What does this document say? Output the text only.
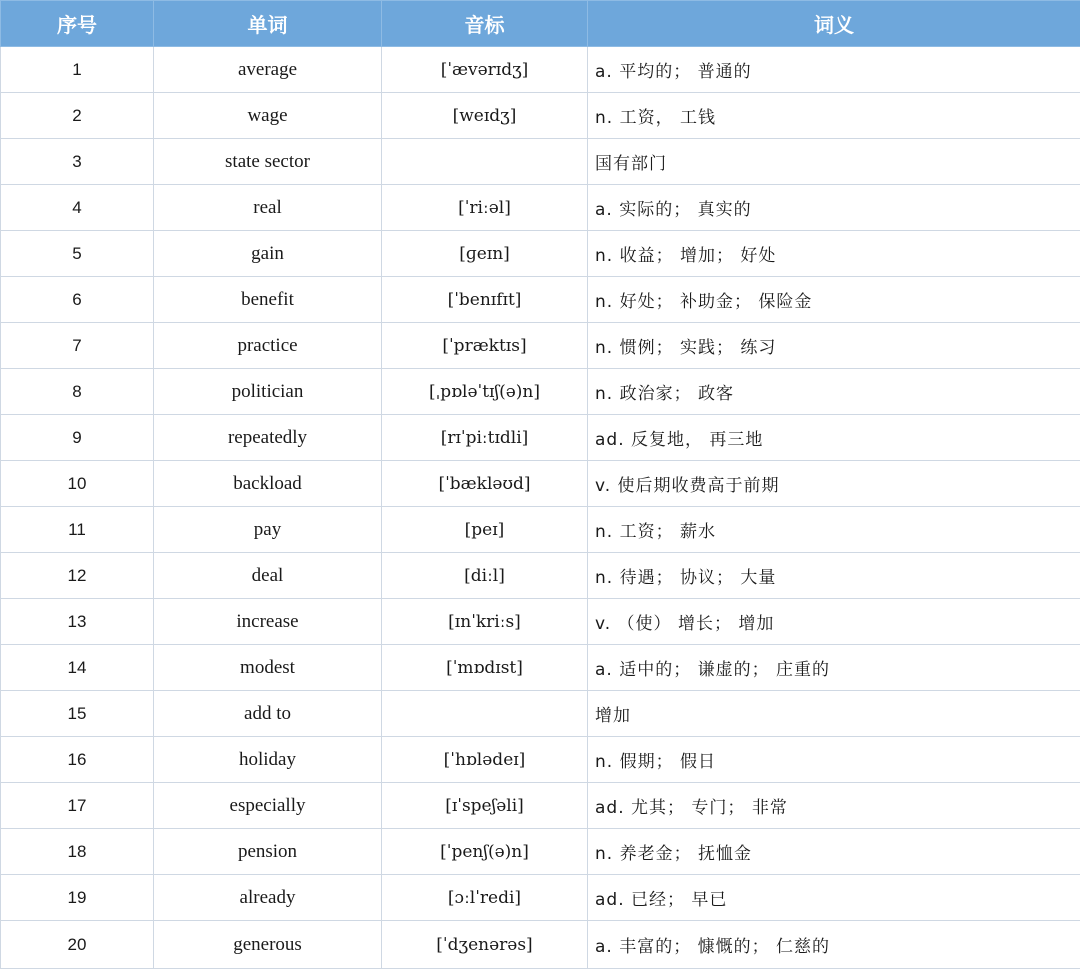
序号	单词	音标	词义
1	average	[ˈævərɪdʒ]	a. 平均的； 普通的
2	wage	[weɪdʒ]	n. 工资， 工钱
3	state sector		国有部门
4	real	[ˈriːəl]	a. 实际的； 真实的
5	gain	[ɡeɪn]	n. 收益； 增加； 好处
6	benefit	[ˈbenɪfɪt]	n. 好处； 补助金； 保险金
7	practice	[ˈpræktɪs]	n. 惯例； 实践； 练习
8	politician	[ˌpɒləˈtɪʃ(ə)n]	n. 政治家； 政客
9	repeatedly	[rɪˈpiːtɪdli]	ad. 反复地， 再三地
10	backload	[ˈbækləʊd]	v. 使后期收费高于前期
11	pay	[peɪ]	n. 工资； 薪水
12	deal	[diːl]	n. 待遇； 协议； 大量
13	increase	[ɪnˈkriːs]	v. （使） 增长； 增加
14	modest	[ˈmɒdɪst]	a. 适中的； 谦虚的； 庄重的
15	add to		增加
16	holiday	[ˈhɒlədeɪ]	n. 假期； 假日
17	especially	[ɪˈspeʃəli]	ad. 尤其； 专门； 非常
18	pension	[ˈpenʃ(ə)n]	n. 养老金； 抚恤金
19	already	[ɔːlˈredi]	ad. 已经； 早已
20	generous	[ˈdʒenərəs]	a. 丰富的； 慷慨的； 仁慈的
